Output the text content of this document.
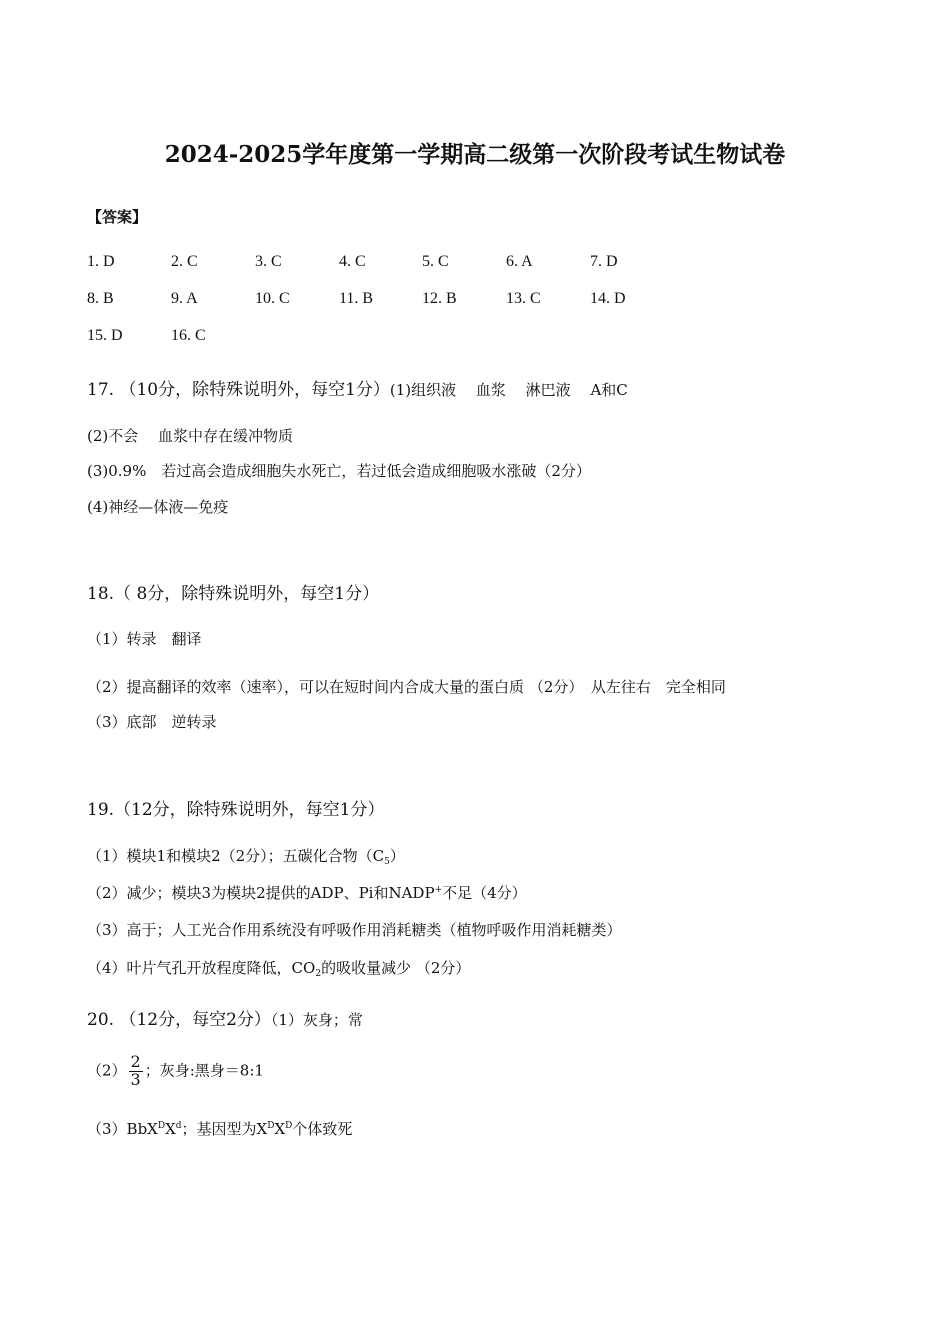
2024-2025学年度第一学期高二级第一次阶段考试生物试卷
【答案】
1. D	2. C	3. C	4. C	5. C	6. A	7. D
8. B	9. A	10. C	11. B	12. B	13. C	14. D
15. D	16. C
17. （10分，除特殊说明外，每空1分）(1)组织液　 血浆　 淋巴液　 A和C
(2)不会　 血浆中存在缓冲物质
(3)0.9%　若过高会造成细胞失水死亡，若过低会造成细胞吸水涨破（2分）
(4)神经—体液—免疫
18.（ 8分，除特殊说明外，每空1分）
（1）转录　翻译
（2）提高翻译的效率（速率），可以在短时间内合成大量的蛋白质 （2分）　从左往右　完全相同
（3）底部　逆转录
19.（12分，除特殊说明外，每空1分）
（1）模块1和模块2（2分）；五碳化合物$(C_5)$
（2）减少；模块3为模块2提供的ADP、Pi和NADP+不足（4分）
（3）高于；人工光合作用系统没有呼吸作用消耗糖类（植物呼吸作用消耗糖类）
（4）叶片气孔开放程度降低，$CO_2$的吸收量减少 （2分）
20. （12分，每空2分）（1）灰身；常
$(2) \frac{2}{3}$ ；灰身:黑身＝8:1
$(3)BbX^DX^d$；基因型为$X^DX^D$个体致死
